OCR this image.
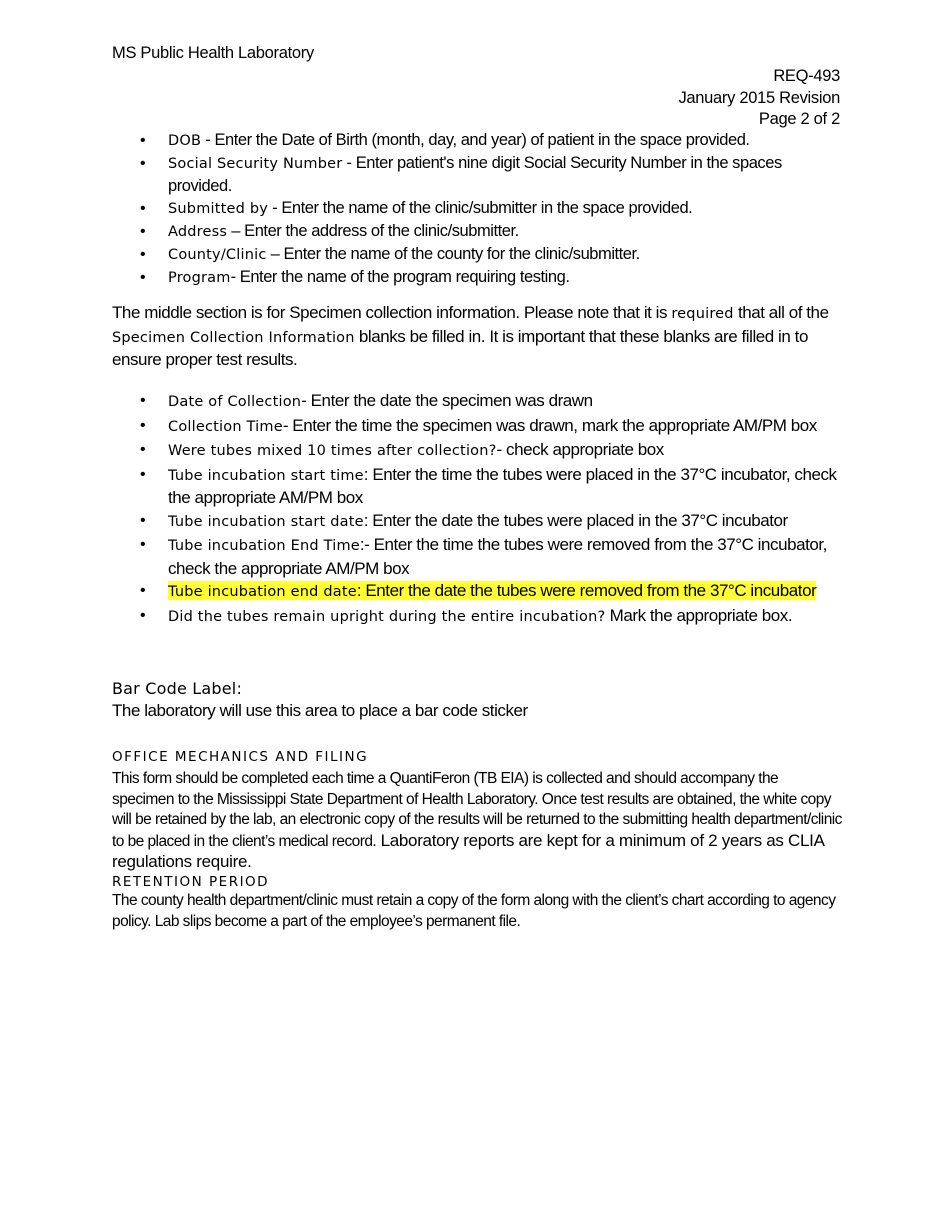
MS Public Health Laboratory
REQ-493
January 2015 Revision
Page 2 of 2
• DOB - Enter the Date of Birth (month, day, and year) of patient in the space provided.
• Social Security Number - Enter patient's nine digit Social Security Number in the spaces provided.
• Submitted by - Enter the name of the clinic/submitter in the space provided.
• Address – Enter the address of the clinic/submitter.
• County/Clinic – Enter the name of the county for the clinic/submitter.
• Program- Enter the name of the program requiring testing.

The middle section is for Specimen collection information. Please note that it is required that all of the Specimen Collection Information blanks be filled in. It is important that these blanks are filled in to ensure proper test results.

• Date of Collection- Enter the date the specimen was drawn
• Collection Time- Enter the time the specimen was drawn, mark the appropriate AM/PM box
• Were tubes mixed 10 times after collection?- check appropriate box
• Tube incubation start time: Enter the time the tubes were placed in the 37°C incubator, check the appropriate AM/PM box
• Tube incubation start date: Enter the date the tubes were placed in the 37°C incubator
• Tube incubation End Time:- Enter the time the tubes were removed from the 37°C incubator, check the appropriate AM/PM box
• Tube incubation end date: Enter the date the tubes were removed from the 37°C incubator
• Did the tubes remain upright during the entire incubation? Mark the appropriate box.
Bar Code Label:
The laboratory will use this area to place a bar code sticker
OFFICE MECHANICS AND FILING

This form should be completed each time a QuantiFeron (TB EIA) is collected and should accompany the specimen to the Mississippi State Department of Health Laboratory. Once test results are obtained, the white copy will be retained by the lab, an electronic copy of the results will be returned to the submitting health department/clinic to be placed in the client’s medical record. Laboratory reports are kept for a minimum of 2 years as CLIA regulations require.

RETENTION PERIOD

The county health department/clinic must retain a copy of the form along with the client’s chart according to agency policy. Lab slips become a part of the employee’s permanent file.
